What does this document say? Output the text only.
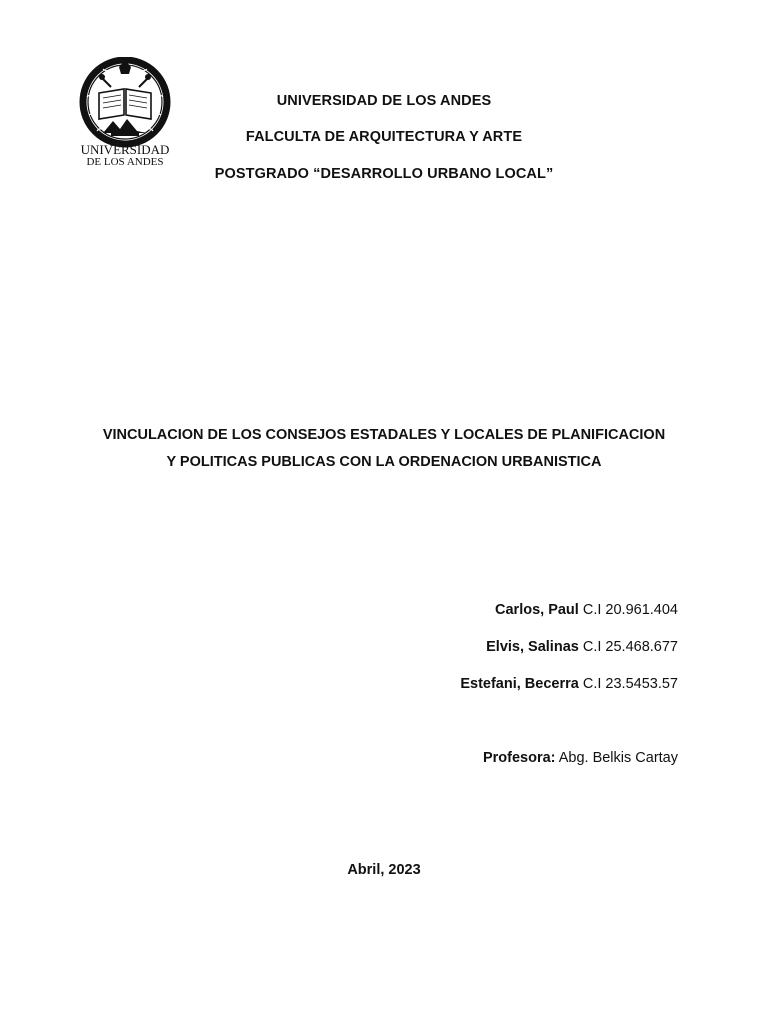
UNIVERSIDAD
DE LOS ANDES
UNIVERSIDAD DE LOS ANDES
FALCULTA DE ARQUITECTURA Y ARTE
POSTGRADO “DESARROLLO URBANO LOCAL”
VINCULACION DE LOS CONSEJOS ESTADALES Y LOCALES DE PLANIFICACION
Y POLITICAS PUBLICAS CON LA ORDENACION URBANISTICA
Carlos, Paul C.I 20.961.404
Elvis, Salinas C.I 25.468.677
Estefani, Becerra C.I 23.5453.57
Profesora: Abg. Belkis Cartay
Abril, 2023
